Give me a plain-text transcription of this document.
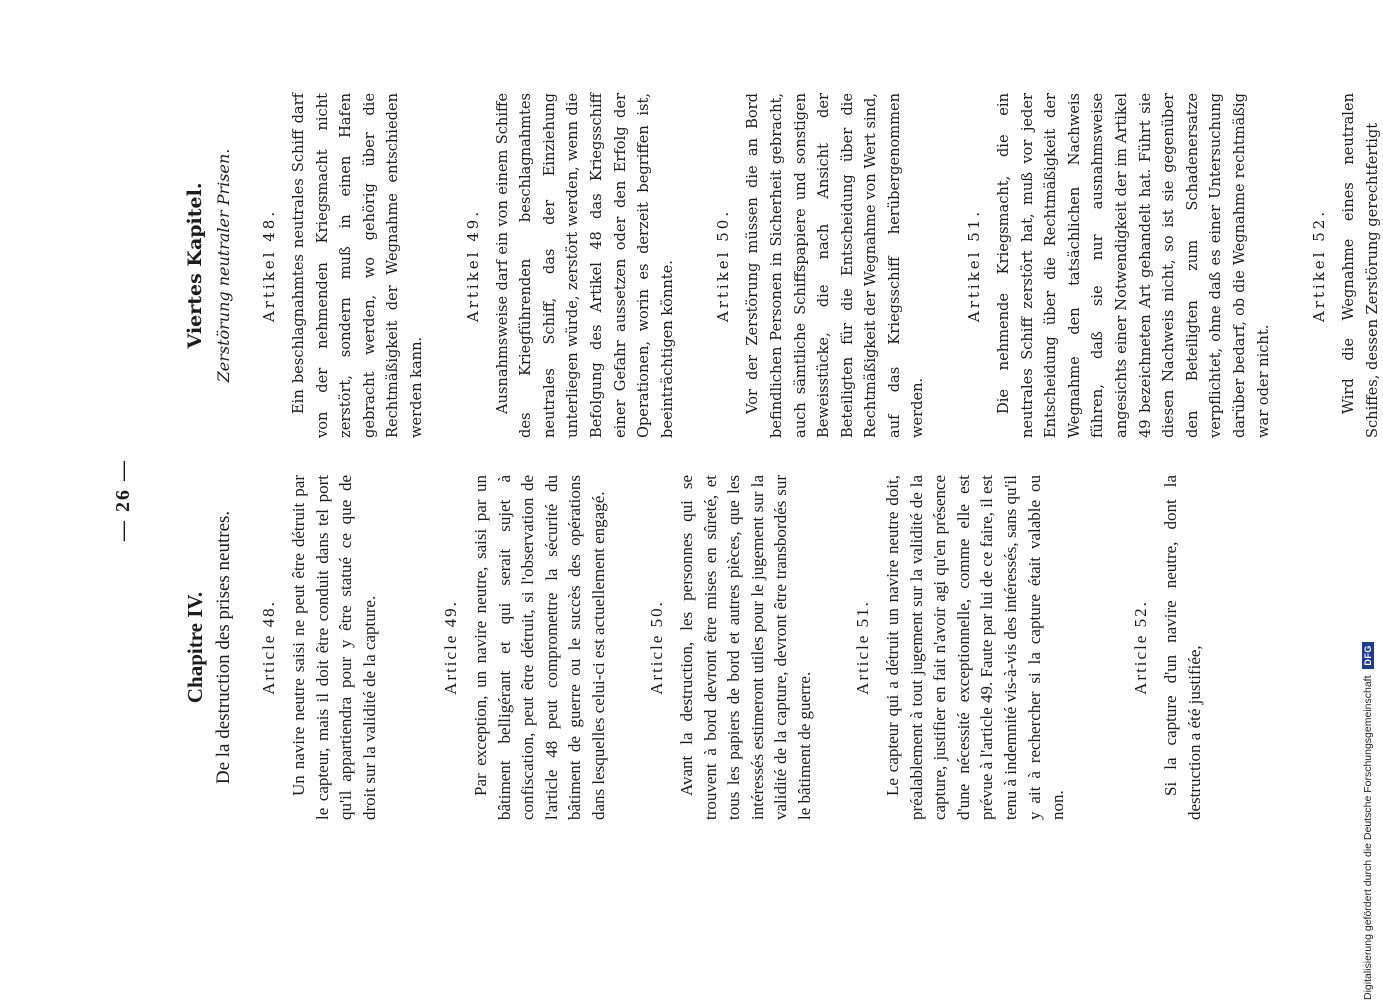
— 26 —

Chapitre IV. De la destruction des prises neutres. Article 48. Un navire neutre saisi ne peut être détruit par le capteur, mais il doit être conduit dans tel port qu'il appartiendra pour y être statué ce que de droit sur la validité de la capture.	Article 49. Par exception, un navire neutre, saisi par un bâtiment belligérant et qui serait sujet à confiscation, peut être détruit, si l'observation de l'article 48 peut compromettre la sécurité du bâtiment de guerre ou le succès des opérations dans lesquelles celui-ci est actuellement engagé. Article 50. Avant la destruction, les personnes qui se trouvent à bord devront être mises en sûreté, et tous les papiers de bord et autres pièces, que les intéressés estimeront utiles pour le jugement sur la validité de la capture, devront être transbordés sur le bâtiment de guerre.

Article 51. Le capteur qui a détruit un navire neutre doit, préalablement à tout jugement sur la validité de la capture, justifier en fait n'avoir agi qu'en présence d'une nécessité exceptionnelle, comme elle est prévue à l'article 49. Faute par lui de ce faire, il est tenu à indemnité vis-à-vis des intéressés, sans qu'il y ait à rechercher si la capture était valable ou non.

Article 52. Si la capture d'un navire neutre, dont la destruction a été justifiée,

Viertes Kapitel. Zerstörung neutraler Prisen. Artikel 48. Ein beschlagnahmtes neutrales Schiff darf von der nehmenden Kriegsmacht nicht zerstört, sondern muß in einen Hafen gebracht werden, wo gehörig über die Rechtmäßigkeit der Wegnahme entschieden werden kann.

Artikel 49. Ausnahmsweise darf ein von einem Schiffe des Kriegführenden beschlagnahmtes neutrales Schiff, das der Einziehung unterliegen würde, zerstört werden, wenn die Befolgung des Artikel 48 das Kriegsschiff einer Gefahr aussetzen oder den Erfolg der Operationen, worin es derzeit begriffen ist, beeinträchtigen könnte.	Artikel 50. Vor der Zerstörung müssen die an Bord befindlichen Personen in Sicherheit gebracht, auch sämtliche Schiffspapiere und sonstigen Beweisstücke, die nach Ansicht der Beteiligten für die Entscheidung über die Rechtmäßigkeit der Wegnahme von Wert sind, auf das Kriegsschiff herübergenommen werden.

Artikel 51. Die nehmende Kriegsmacht, die ein neutrales Schiff zerstört hat, muß vor jeder Entscheidung über die Rechtmäßigkeit der Wegnahme den tatsächlichen Nachweis führen, daß sie nur ausnahmsweise angesichts einer Notwendigkeit der im Artikel 49 bezeichneten Art gehandelt hat. Führt sie diesen Nachweis nicht, so ist sie gegenüber den Beteiligten zum Schadenersatze verpflichtet, ohne daß es einer Untersuchung darüber bedarf, ob die Wegnahme rechtmäßig war oder nicht.

Artikel 52. Wird die Wegnahme eines neutralen Schiffes, dessen Zerstörung gerechtfertigt

Digitalisierung gefördert durch die Deutsche Forschungsgemeinschaft DFG
